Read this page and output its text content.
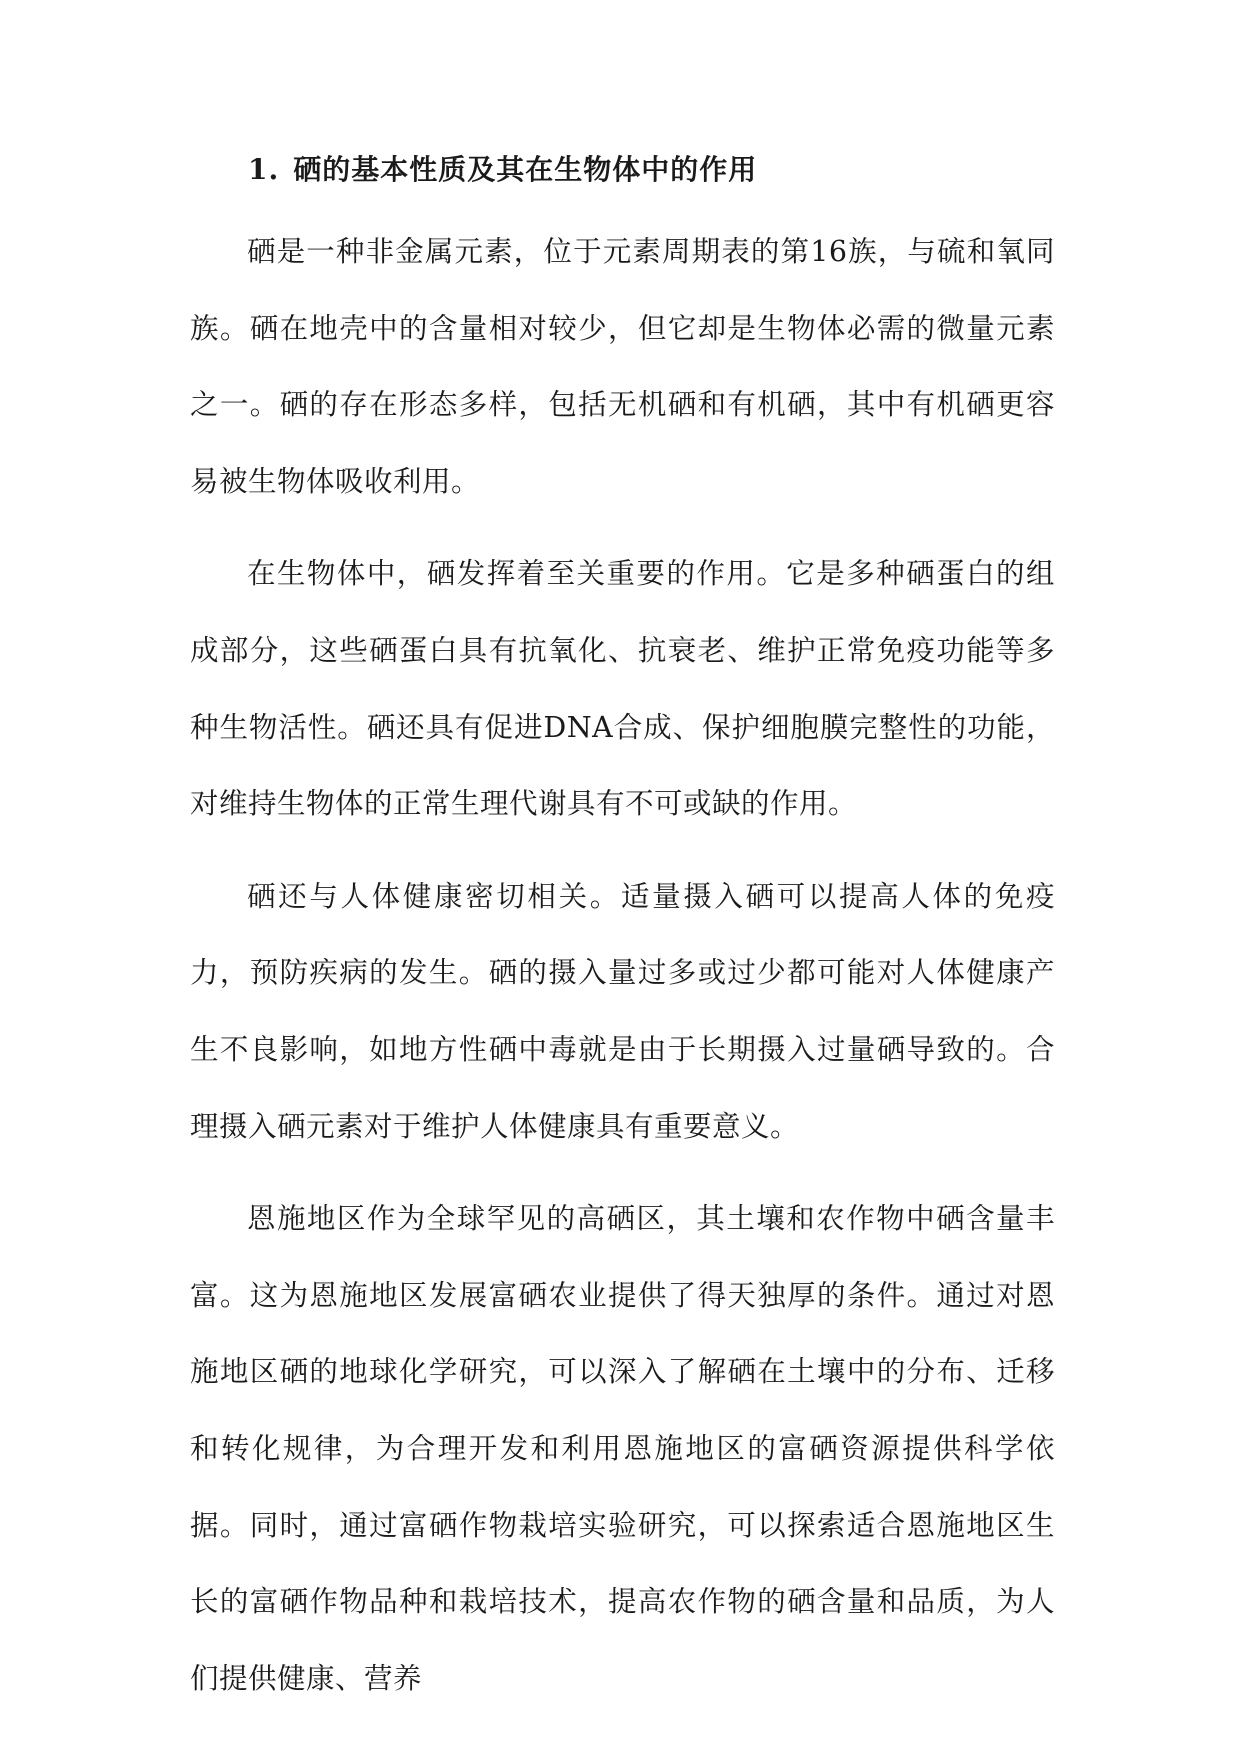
1. 硒的基本性质及其在生物体中的作用

硒是一种非金属元素，位于元素周期表的第16族，与硫和氧同族。硒在地壳中的含量相对较少，但它却是生物体必需的微量元素之一。硒的存在形态多样，包括无机硒和有机硒，其中有机硒更容易被生物体吸收利用。

在生物体中，硒发挥着至关重要的作用。它是多种硒蛋白的组成部分，这些硒蛋白具有抗氧化、抗衰老、维护正常免疫功能等多种生物活性。硒还具有促进DNA合成、保护细胞膜完整性的功能，对维持生物体的正常生理代谢具有不可或缺的作用。

硒还与人体健康密切相关。适量摄入硒可以提高人体的免疫力，预防疾病的发生。硒的摄入量过多或过少都可能对人体健康产生不良影响，如地方性硒中毒就是由于长期摄入过量硒导致的。合理摄入硒元素对于维护人体健康具有重要意义。

恩施地区作为全球罕见的高硒区，其土壤和农作物中硒含量丰富。这为恩施地区发展富硒农业提供了得天独厚的条件。通过对恩施地区硒的地球化学研究，可以深入了解硒在土壤中的分布、迁移和转化规律，为合理开发和利用恩施地区的富硒资源提供科学依据。同时，通过富硒作物栽培实验研究，可以探索适合恩施地区生长的富硒作物品种和栽培技术，提高农作物的硒含量和品质，为人们提供健康、营养
